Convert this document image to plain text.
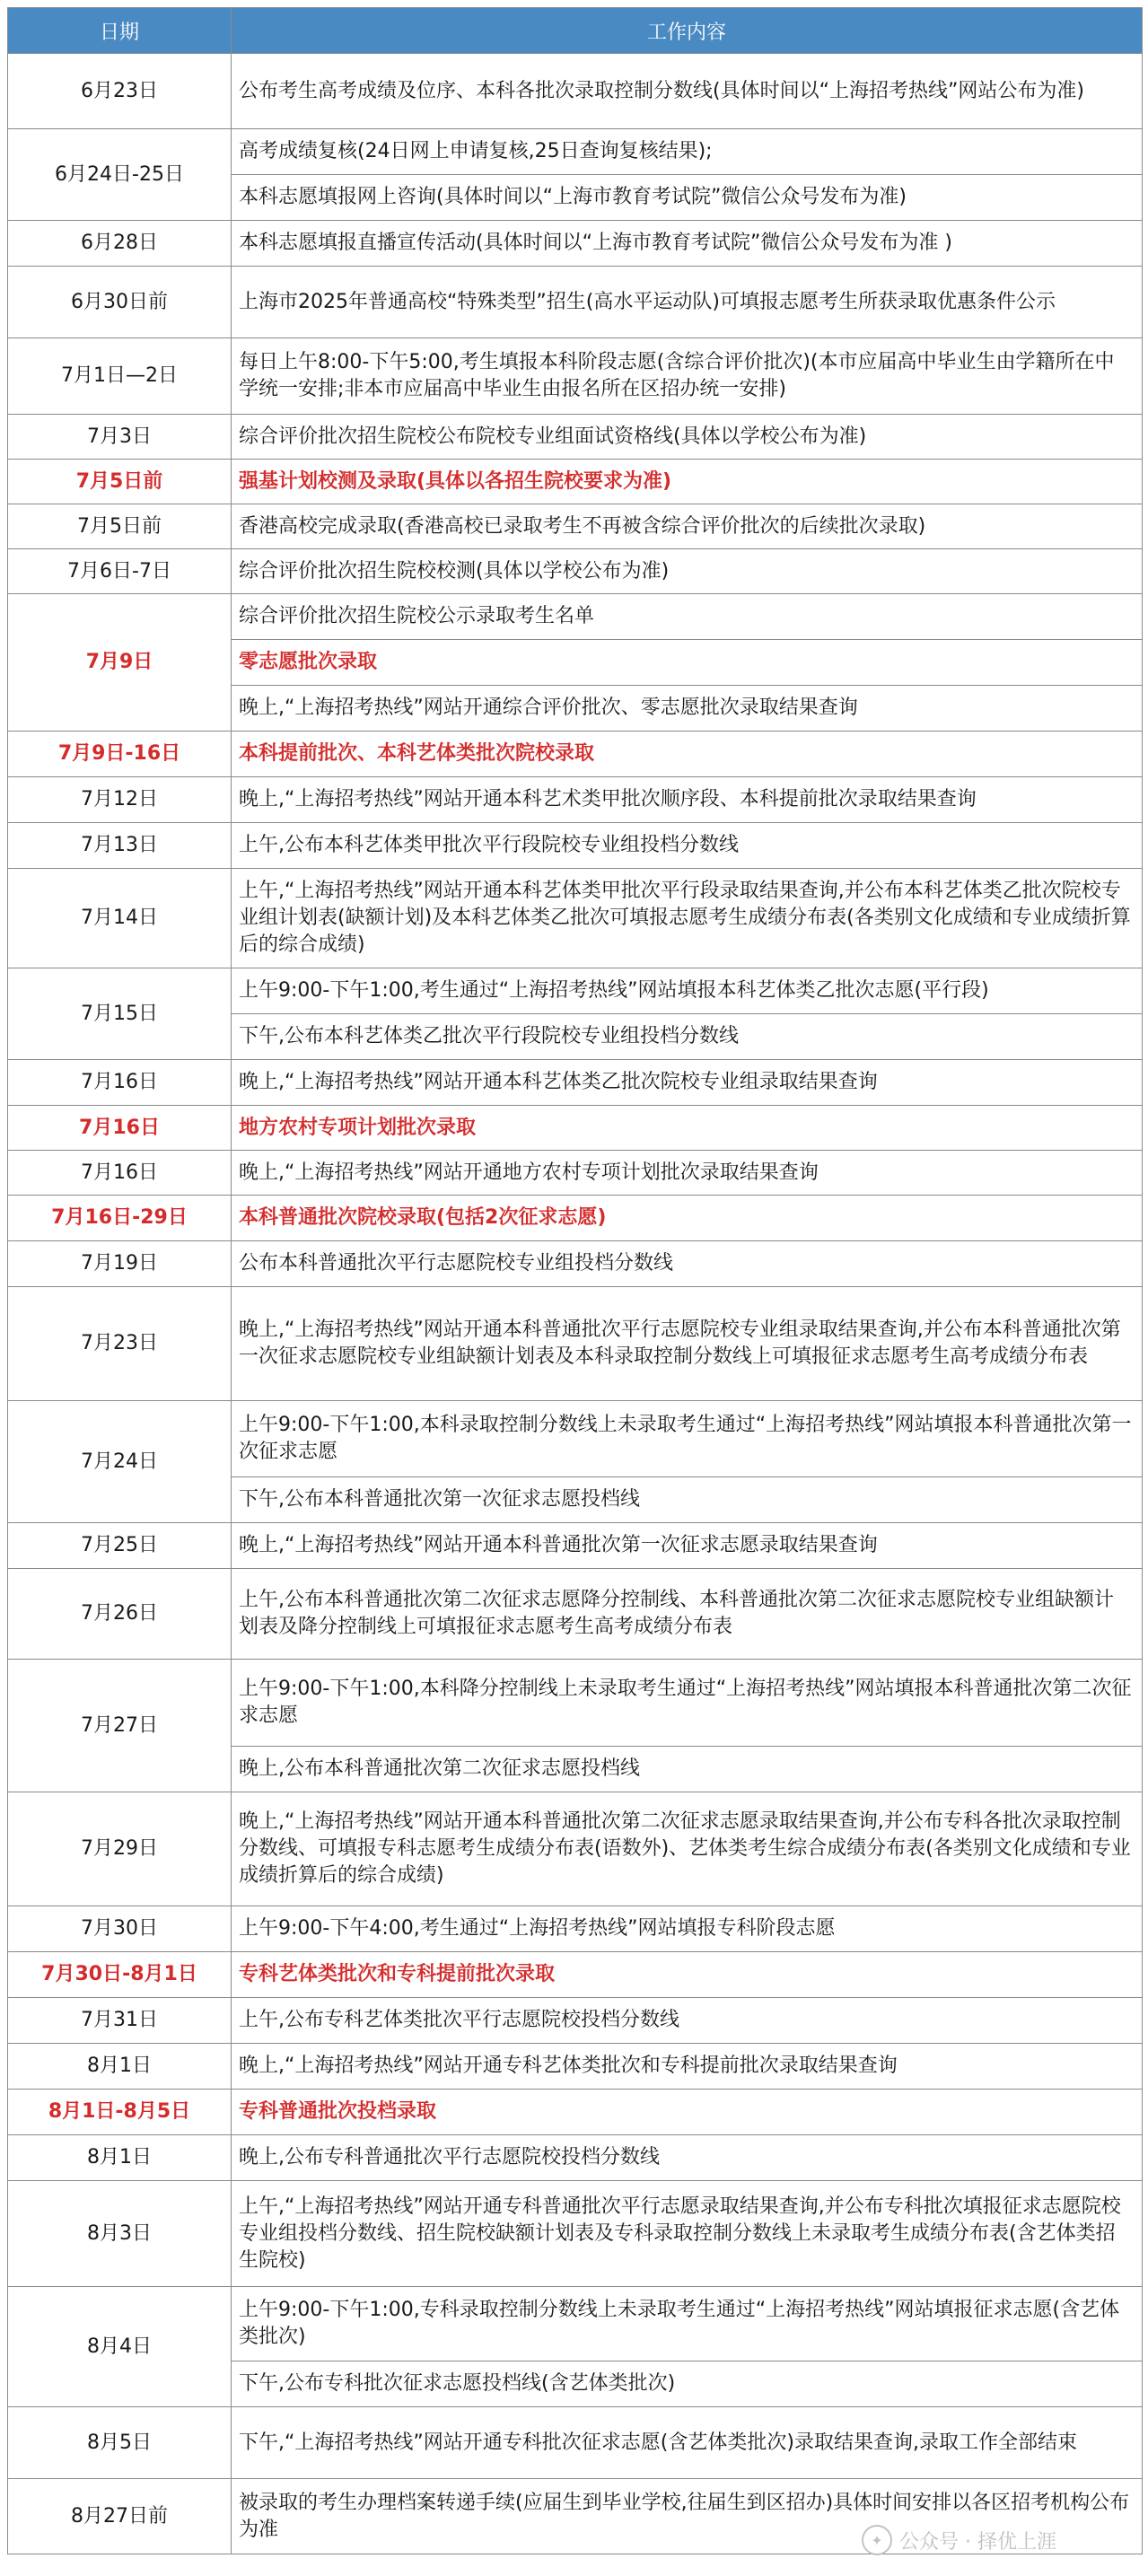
日期	工作内容
6月23日	公布考生高考成绩及位序、本科各批次录取控制分数线(具体时间以“上海招考热线”网站公布为准)
6月24日-25日	高考成绩复核(24日网上申请复核,25日查询复核结果);
	本科志愿填报网上咨询(具体时间以“上海市教育考试院”微信公众号发布为准)
6月28日	本科志愿填报直播宣传活动(具体时间以“上海市教育考试院”微信公众号发布为准 )
6月30日前	上海市2025年普通高校“特殊类型”招生(高水平运动队)可填报志愿考生所获录取优惠条件公示
7月1日—2日	每日上午8:00-下午5:00,考生填报本科阶段志愿(含综合评价批次)(本市应届高中毕业生由学籍所在中学统一安排;非本市应届高中毕业生由报名所在区招办统一安排)
7月3日	综合评价批次招生院校公布院校专业组面试资格线(具体以学校公布为准)
7月5日前	强基计划校测及录取(具体以各招生院校要求为准)
7月5日前	香港高校完成录取(香港高校已录取考生不再被含综合评价批次的后续批次录取)
7月6日-7日	综合评价批次招生院校校测(具体以学校公布为准)
7月9日	综合评价批次招生院校公示录取考生名单
	零志愿批次录取
	晚上,“上海招考热线”网站开通综合评价批次、零志愿批次录取结果查询
7月9日-16日	本科提前批次、本科艺体类批次院校录取
7月12日	晚上,“上海招考热线”网站开通本科艺术类甲批次顺序段、本科提前批次录取结果查询
7月13日	上午,公布本科艺体类甲批次平行段院校专业组投档分数线
7月14日	上午,“上海招考热线”网站开通本科艺体类甲批次平行段录取结果查询,并公布本科艺体类乙批次院校专业组计划表(缺额计划)及本科艺体类乙批次可填报志愿考生成绩分布表(各类别文化成绩和专业成绩折算后的综合成绩)
7月15日	上午9:00-下午1:00,考生通过“上海招考热线”网站填报本科艺体类乙批次志愿(平行段)
	下午,公布本科艺体类乙批次平行段院校专业组投档分数线
7月16日	晚上,“上海招考热线”网站开通本科艺体类乙批次院校专业组录取结果查询
7月16日	地方农村专项计划批次录取
7月16日	晚上,“上海招考热线”网站开通地方农村专项计划批次录取结果查询
7月16日-29日	本科普通批次院校录取(包括2次征求志愿)
7月19日	公布本科普通批次平行志愿院校专业组投档分数线
7月23日	晚上,“上海招考热线”网站开通本科普通批次平行志愿院校专业组录取结果查询,并公布本科普通批次第一次征求志愿院校专业组缺额计划表及本科录取控制分数线上可填报征求志愿考生高考成绩分布表
7月24日	上午9:00-下午1:00,本科录取控制分数线上未录取考生通过“上海招考热线”网站填报本科普通批次第一次征求志愿
	下午,公布本科普通批次第一次征求志愿投档线
7月25日	晚上,“上海招考热线”网站开通本科普通批次第一次征求志愿录取结果查询
7月26日	上午,公布本科普通批次第二次征求志愿降分控制线、本科普通批次第二次征求志愿院校专业组缺额计划表及降分控制线上可填报征求志愿考生高考成绩分布表
7月27日	上午9:00-下午1:00,本科降分控制线上未录取考生通过“上海招考热线”网站填报本科普通批次第二次征求志愿
	晚上,公布本科普通批次第二次征求志愿投档线
7月29日	晚上,“上海招考热线”网站开通本科普通批次第二次征求志愿录取结果查询,并公布专科各批次录取控制分数线、可填报专科志愿考生成绩分布表(语数外)、艺体类考生综合成绩分布表(各类别文化成绩和专业成绩折算后的综合成绩)
7月30日	上午9:00-下午4:00,考生通过“上海招考热线”网站填报专科阶段志愿
7月30日-8月1日	专科艺体类批次和专科提前批次录取
7月31日	上午,公布专科艺体类批次平行志愿院校投档分数线
8月1日	晚上,“上海招考热线”网站开通专科艺体类批次和专科提前批次录取结果查询
8月1日-8月5日	专科普通批次投档录取
8月1日	晚上,公布专科普通批次平行志愿院校投档分数线
8月3日	上午,“上海招考热线”网站开通专科普通批次平行志愿录取结果查询,并公布专科批次填报征求志愿院校专业组投档分数线、招生院校缺额计划表及专科录取控制分数线上未录取考生成绩分布表(含艺体类招生院校)
8月4日	上午9:00-下午1:00,专科录取控制分数线上未录取考生通过“上海招考热线”网站填报征求志愿(含艺体类批次)
	下午,公布专科批次征求志愿投档线(含艺体类批次)
8月5日	下午,“上海招考热线”网站开通专科批次征求志愿(含艺体类批次)录取结果查询,录取工作全部结束
8月27日前	被录取的考生办理档案转递手续(应届生到毕业学校,往届生到区招办)具体时间安排以各区招考机构公布为准	✦ 公众号 · 择优上涯
